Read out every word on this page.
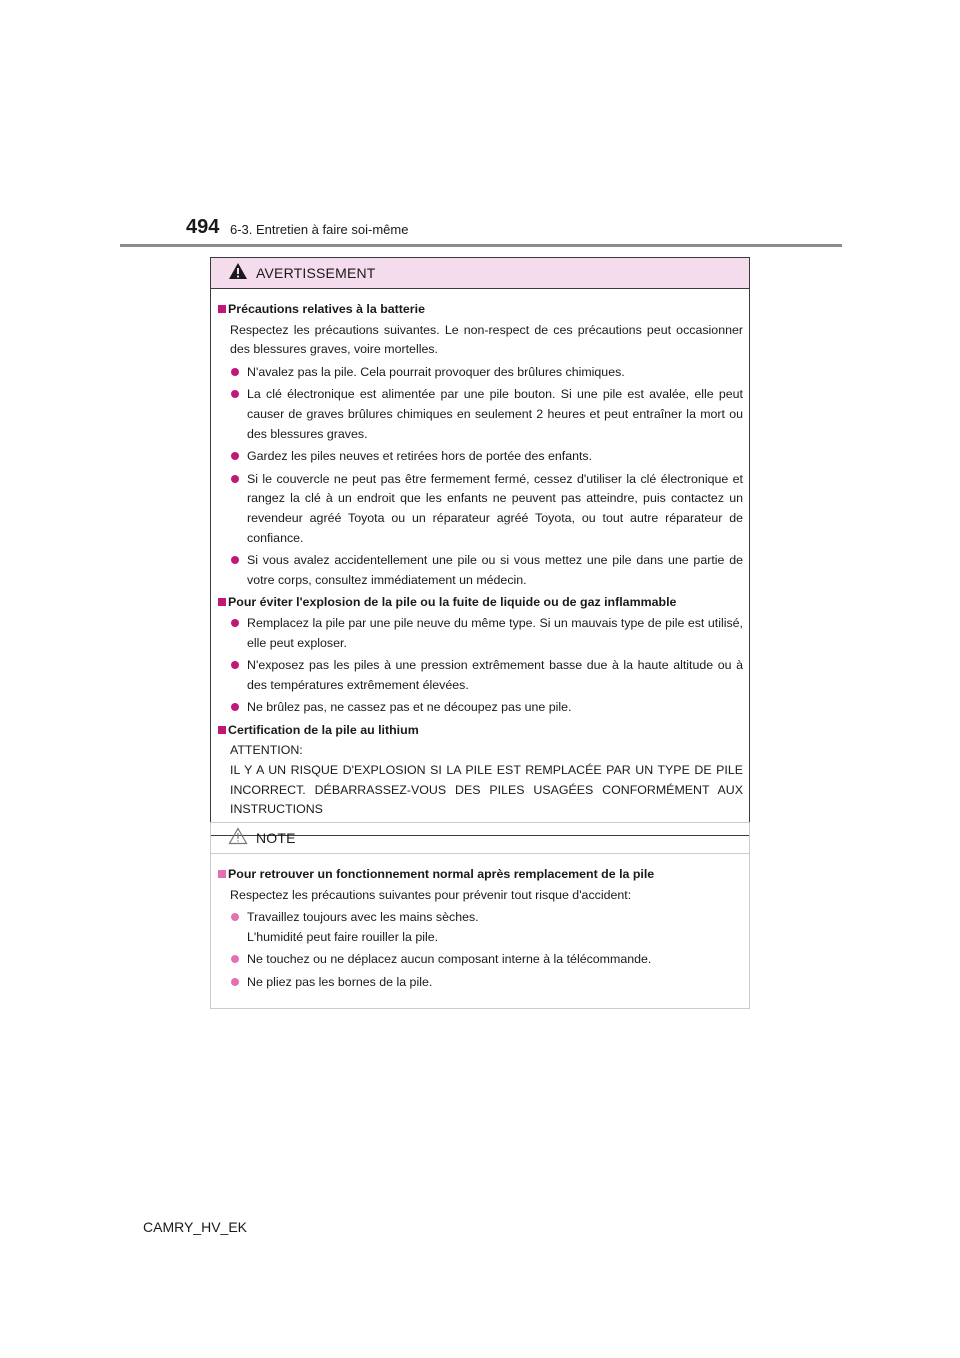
494 6-3. Entretien à faire soi-même
AVERTISSEMENT
Précautions relatives à la batterie
Respectez les précautions suivantes. Le non-respect de ces précautions peut occasionner des blessures graves, voire mortelles.
N'avalez pas la pile. Cela pourrait provoquer des brûlures chimiques.
La clé électronique est alimentée par une pile bouton. Si une pile est avalée, elle peut causer de graves brûlures chimiques en seulement 2 heures et peut entraîner la mort ou des blessures graves.
Gardez les piles neuves et retirées hors de portée des enfants.
Si le couvercle ne peut pas être fermement fermé, cessez d'utiliser la clé électronique et rangez la clé à un endroit que les enfants ne peuvent pas atteindre, puis contactez un revendeur agréé Toyota ou un réparateur agréé Toyota, ou tout autre réparateur de confiance.
Si vous avalez accidentellement une pile ou si vous mettez une pile dans une partie de votre corps, consultez immédiatement un médecin.
Pour éviter l'explosion de la pile ou la fuite de liquide ou de gaz inflammable
Remplacez la pile par une pile neuve du même type. Si un mauvais type de pile est utilisé, elle peut exploser.
N'exposez pas les piles à une pression extrêmement basse due à la haute altitude ou à des températures extrêmement élevées.
Ne brûlez pas, ne cassez pas et ne découpez pas une pile.
Certification de la pile au lithium
ATTENTION:
IL Y A UN RISQUE D'EXPLOSION SI LA PILE EST REMPLACÉE PAR UN TYPE DE PILE INCORRECT. DÉBARRASSEZ-VOUS DES PILES USAGÉES CONFORMÉMENT AUX INSTRUCTIONS
NOTE
Pour retrouver un fonctionnement normal après remplacement de la pile
Respectez les précautions suivantes pour prévenir tout risque d'accident:
Travaillez toujours avec les mains sèches.
L'humidité peut faire rouiller la pile.
Ne touchez ou ne déplacez aucun composant interne à la télécommande.
Ne pliez pas les bornes de la pile.
CAMRY_HV_EK
